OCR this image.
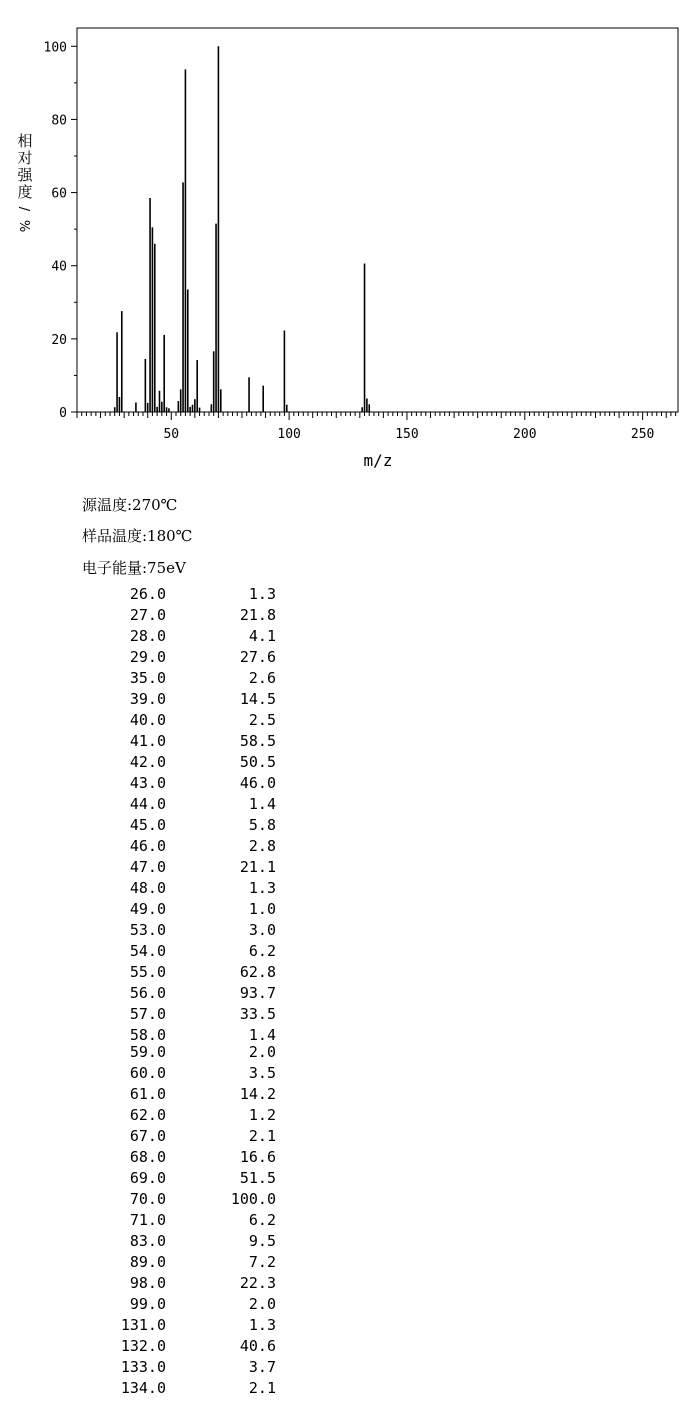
0
20
40
60
80
100
50	100	150	200	250
相
对
强
度
/
%
m/z
源温度:270℃
样品温度:180℃
电子能量:75eV
26.0	1.3
27.0	21.8
28.0	4.1
29.0	27.6
35.0	2.6
39.0	14.5
40.0	2.5
41.0	58.5
42.0	50.5
43.0	46.0
44.0	1.4
45.0	5.8
46.0	2.8
47.0	21.1
48.0	1.3
49.0	1.0
53.0	3.0
54.0	6.2
55.0	62.8
56.0	93.7
57.0	33.5
58.0	1.4
59.0	2.0
60.0	3.5
61.0	14.2
62.0	1.2
67.0	2.1
68.0	16.6
69.0	51.5
70.0	100.0
71.0	6.2
83.0	9.5
89.0	7.2
98.0	22.3
99.0	2.0
131.0	1.3
132.0	40.6
133.0	3.7
134.0	2.1
